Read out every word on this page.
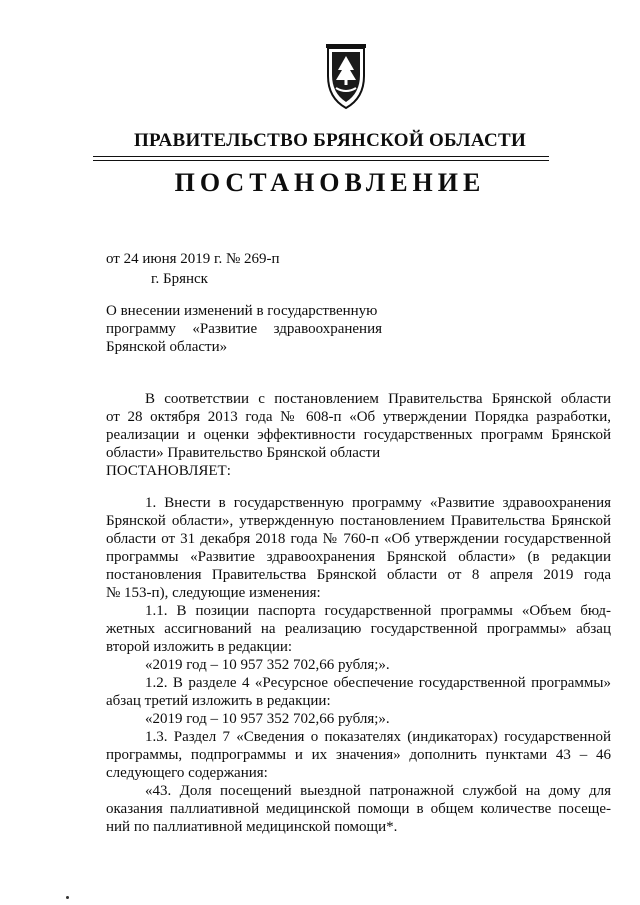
ПРАВИТЕЛЬСТВО БРЯНСКОЙ ОБЛАСТИ
ПОСТАНОВЛЕНИЕ
от 24 июня 2019 г. № 269-п
г. Брянск
О внесении изменений в государственную
программу «Развитие здравоохранения
Брянской области»
В соответствии с постановлением Правительства Брянской области
от 28 октября 2013 года № 608-п «Об утверждении Порядка разработки,
реализации и оценки эффективности государственных программ Брянской
области» Правительство Брянской области
ПОСТАНОВЛЯЕТ:
1. Внести в государственную программу «Развитие здравоохранения
Брянской области», утвержденную постановлением Правительства Брянской
области от 31 декабря 2018 года № 760-п «Об утверждении государственной
программы «Развитие здравоохранения Брянской области» (в редакции
постановления Правительства Брянской области от 8 апреля 2019 года
№ 153-п), следующие изменения:
1.1. В позиции паспорта государственной программы «Объем бюд-
жетных ассигнований на реализацию государственной программы» абзац
второй изложить в редакции:
«2019 год – 10 957 352 702,66 рубля;».
1.2. В разделе 4 «Ресурсное обеспечение государственной программы»
абзац третий изложить в редакции:
«2019 год – 10 957 352 702,66 рубля;».
1.3. Раздел 7 «Сведения о показателях (индикаторах) государственной
программы, подпрограммы и их значения» дополнить пунктами 43 – 46
следующего содержания:
«43. Доля посещений выездной патронажной службой на дому для
оказания паллиативной медицинской помощи в общем количестве посеще-
ний по паллиативной медицинской помощи*.
